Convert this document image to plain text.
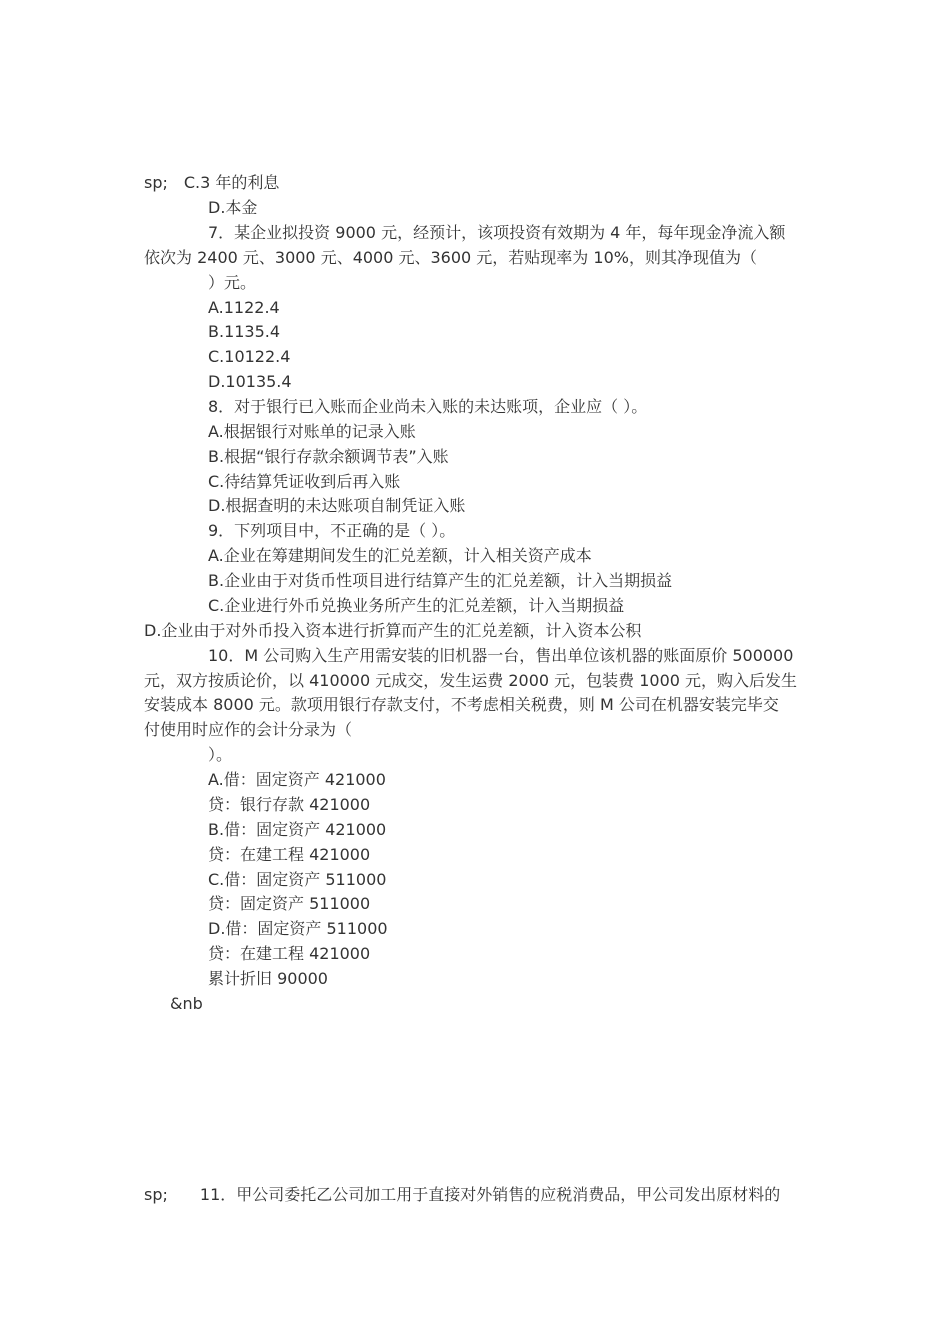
sp;　C.3 年的利息
D.本金
7．某企业拟投资 9000 元，经预计，该项投资有效期为 4 年，每年现金净流入额
依次为 2400 元、3000 元、4000 元、3600 元，若贴现率为 10%，则其净现值为（
）元。
A.1122.4
B.1135.4
C.10122.4
D.10135.4
8．对于银行已入账而企业尚未入账的未达账项，企业应（ ）。
A.根据银行对账单的记录入账
B.根据“银行存款余额调节表”入账
C.待结算凭证收到后再入账
D.根据查明的未达账项自制凭证入账
9．下列项目中，不正确的是（ ）。
A.企业在筹建期间发生的汇兑差额，计入相关资产成本
B.企业由于对货币性项目进行结算产生的汇兑差额，计入当期损益
C.企业进行外币兑换业务所产生的汇兑差额，计入当期损益
D.企业由于对外币投入资本进行折算而产生的汇兑差额，计入资本公积
10．M 公司购入生产用需安装的旧机器一台，售出单位该机器的账面原价 500000
元，双方按质论价，以 410000 元成交，发生运费 2000 元，包装费 1000 元，购入后发生
安装成本 8000 元。款项用银行存款支付，不考虑相关税费，则 M 公司在机器安装完毕交
付使用时应作的会计分录为（
）。
A.借：固定资产 421000
贷：银行存款 421000
B.借：固定资产 421000
贷：在建工程 421000
C.借：固定资产 511000
贷：固定资产 511000
D.借：固定资产 511000
贷：在建工程 421000
累计折旧 90000
&nb
sp;　　11．甲公司委托乙公司加工用于直接对外销售的应税消费品，甲公司发出原材料的
